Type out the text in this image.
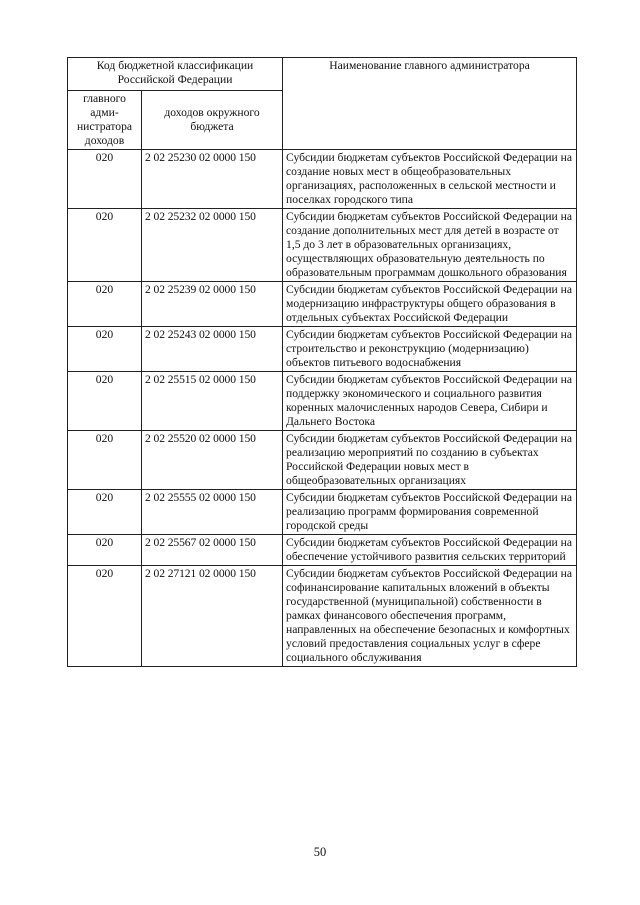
Код бюджетной классификации Российской Федерации		Наименование главного администратора
главного адми-нистратора доходов	доходов окружного бюджета	
020	2 02 25230 02 0000 150	Субсидии бюджетам субъектов Российской Федерации на создание новых мест в общеобразовательных организациях, расположенных в сельской местности и поселках городского типа
020	2 02 25232 02 0000 150	Субсидии бюджетам субъектов Российской Федерации на создание дополнительных мест для детей в возрасте от 1,5 до 3 лет в образовательных организациях, осуществляющих образовательную деятельность по образовательным программам дошкольного образования
020	2 02 25239 02 0000 150	Субсидии бюджетам субъектов Российской Федерации на модернизацию инфраструктуры общего образования в отдельных субъектах Российской Федерации
020	2 02 25243 02 0000 150	Субсидии бюджетам субъектов Российской Федерации на строительство и реконструкцию (модернизацию) объектов питьевого водоснабжения
020	2 02 25515 02 0000 150	Субсидии бюджетам субъектов Российской Федерации на поддержку экономического и социального развития коренных малочисленных народов Севера, Сибири и Дальнего Востока
020	2 02 25520 02 0000 150	Субсидии бюджетам субъектов Российской Федерации на реализацию мероприятий по созданию в субъектах Российской Федерации новых мест в общеобразовательных организациях
020	2 02 25555 02 0000 150	Субсидии бюджетам субъектов Российской Федерации на реализацию программ формирования современной городской среды
020	2 02 25567 02 0000 150	Субсидии бюджетам субъектов Российской Федерации на обеспечение устойчивого развития сельских территорий
020	2 02 27121 02 0000 150	Субсидии бюджетам субъектов Российской Федерации на софинансирование капитальных вложений в объекты государственной (муниципальной) собственности в рамках финансового обеспечения программ, направленных на обеспечение безопасных и комфортных условий предоставления социальных услуг в сфере социального обслуживания
50
